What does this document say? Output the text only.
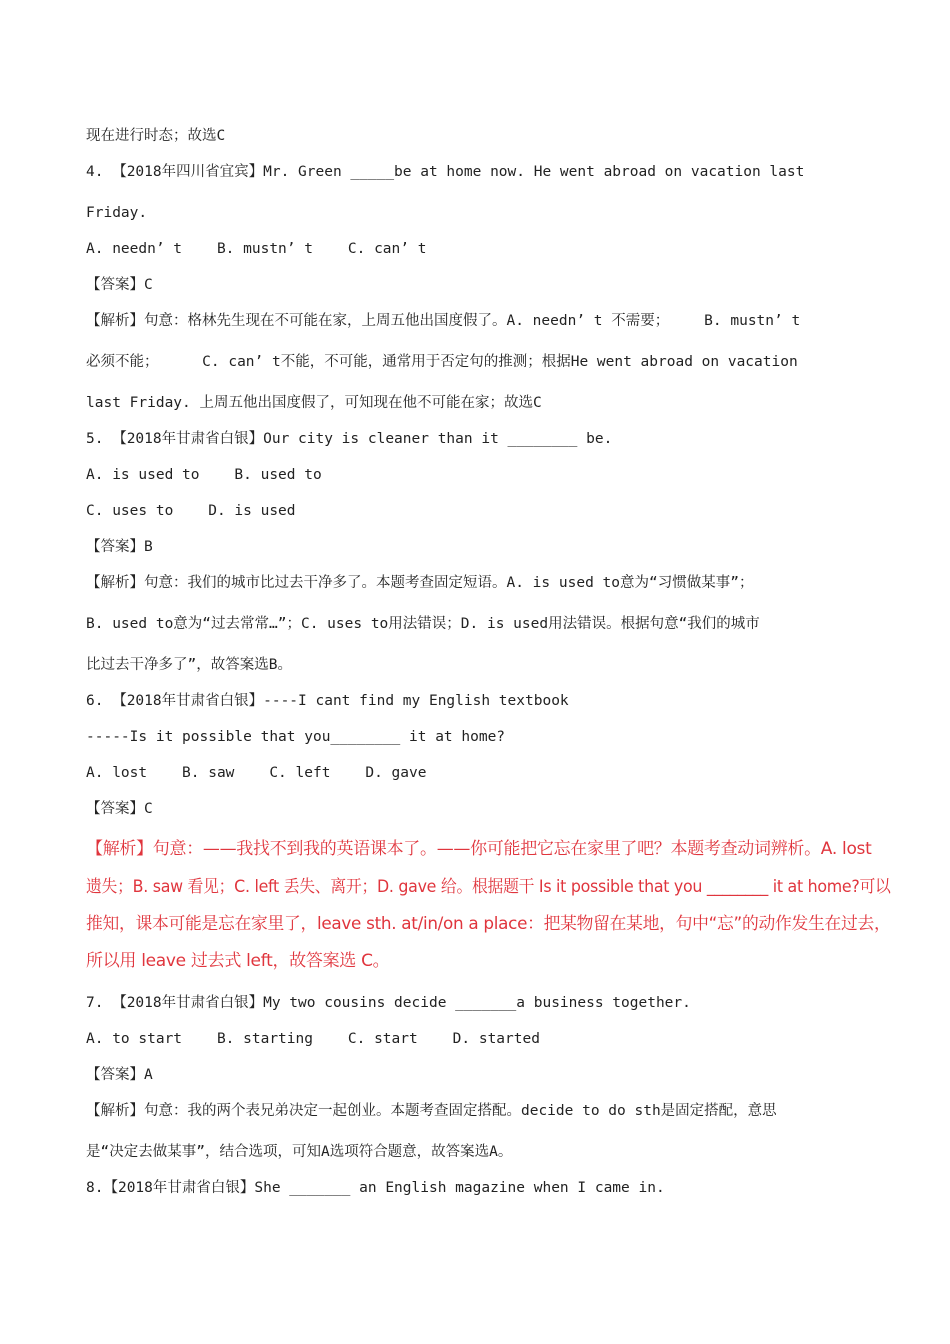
现在进行时态；故选C
4. 【2018年四川省宜宾】Mr. Green _____be at home now. He went abroad on vacation last
Friday.
A. needn’ t    B. mustn’ t    C. can’ t
【答案】C
【解析】句意：格林先生现在不可能在家，上周五他出国度假了。A. needn’ t 不需要；    B. mustn’ t
必须不能；     C. can’ t不能，不可能，通常用于否定句的推测；根据He went abroad on vacation
last Friday. 上周五他出国度假了，可知现在他不可能在家；故选C
5. 【2018年甘肃省白银】Our city is cleaner than it ________ be.
A. is used to    B. used to
C. uses to    D. is used
【答案】B
【解析】句意：我们的城市比过去干净多了。本题考查固定短语。A. is used to意为“习惯做某事”；
B. used to意为“过去常常…”；C. uses to用法错误；D. is used用法错误。根据句意“我们的城市
比过去干净多了”，故答案选B。
6. 【2018年甘肃省白银】----I cant find my English textbook
-----Is it possible that you________ it at home?
A. lost    B. saw    C. left    D. gave
【答案】C
【解析】句意：——我找不到我的英语课本了。——你可能把它忘在家里了吧？本题考查动词辨析。A. lost
遗失；B. saw 看见；C. left 丢失、离开；D. gave 给。根据题干 Is it possible that you ________ it at home?可以
推知，课本可能是忘在家里了，leave sth. at/in/on a place：把某物留在某地，句中“忘”的动作发生在过去，
所以用 leave 过去式 left，故答案选 C。
7. 【2018年甘肃省白银】My two cousins decide _______a business together.
A. to start    B. starting    C. start    D. started
【答案】A
【解析】句意：我的两个表兄弟决定一起创业。本题考查固定搭配。decide to do sth是固定搭配，意思
是“决定去做某事”，结合选项，可知A选项符合题意，故答案选A。
8.【2018年甘肃省白银】She _______ an English magazine when I came in.
